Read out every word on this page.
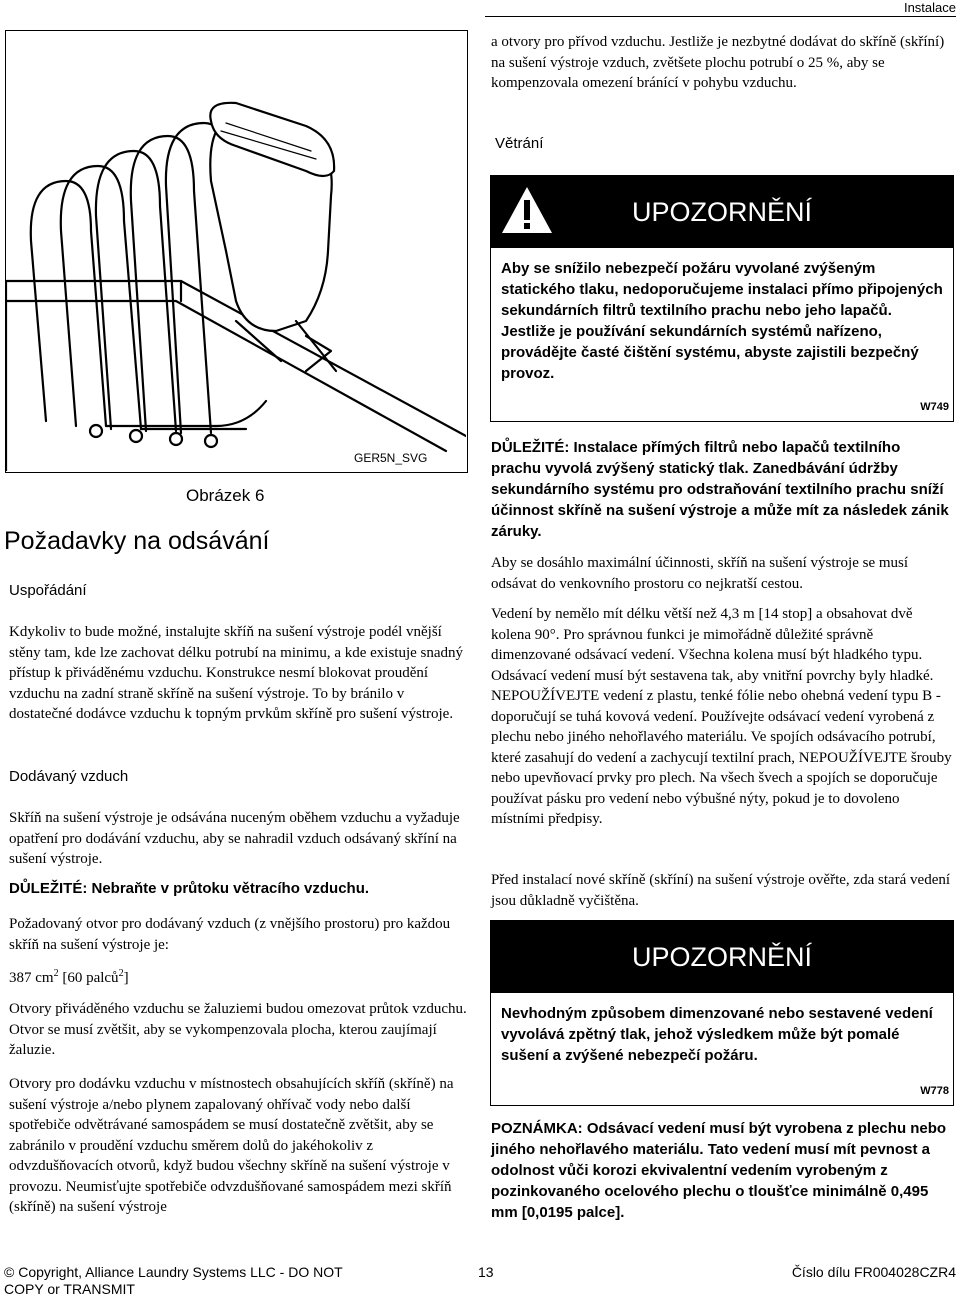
Instalace
GER5N_SVG
Obrázek 6
Požadavky na odsávání
Uspořádání

Kdykoliv to bude možné, instalujte skříň na sušení výstroje podél vnější stěny tam, kde lze zachovat délku potrubí na minimu, a kde existuje snadný přístup k přiváděnému vzduchu. Konstrukce nesmí blokovat proudění vzduchu na zadní straně skříně na sušení výstroje. To by bránilo v dostatečné dodávce vzduchu k topným prvkům skříně pro sušení výstroje.

Dodávaný vzduch

Skříň na sušení výstroje je odsávána nuceným oběhem vzduchu a vyžaduje opatření pro dodávání vzduchu, aby se nahradil vzduch odsávaný skříní na sušení výstroje.

DŮLEŽITÉ: Nebraňte v průtoku větracího vzduchu.

Požadovaný otvor pro dodávaný vzduch (z vnějšího prostoru) pro každou skříň na sušení výstroje je:

387 $cm^2$ [60 palců$^2$]

Otvory přiváděného vzduchu se žaluziemi budou omezovat průtok vzduchu. Otvor se musí zvětšit, aby se vykompenzovala plocha, kterou zaujímají žaluzie.

Otvory pro dodávku vzduchu v místnostech obsahujících skříň (skříně) na sušení výstroje a/nebo plynem zapalovaný ohřívač vody nebo další spotřebiče odvětrávané samospádem se musí dostatečně zvětšit, aby se zabránilo v proudění vzduchu směrem dolů do jakéhokoliv z odvzdušňovacích otvorů, když budou všechny skříně na sušení výstroje v provozu. Neumisťujte spotřebiče odvzdušňované samospádem mezi skříň (skříně) na sušení výstroje

a otvory pro přívod vzduchu. Jestliže je nezbytné dodávat do skříně (skříní) na sušení výstroje vzduch, zvětšete plochu potrubí o 25 %, aby se kompenzovala omezení bránící v pohybu vzduchu.

Větrání
UPOZORNĚNÍ

Aby se snížilo nebezpečí požáru vyvolané zvýšeným statického tlaku, nedoporučujeme instalaci přímo připojených sekundárních filtrů textilního prachu nebo jeho lapačů. Jestliže je používání sekundárních systémů nařízeno, provádějte časté čištění systému, abyste zajistili bezpečný provoz.

W749

DŮLEŽITÉ: Instalace přímých filtrů nebo lapačů textilního prachu vyvolá zvýšený statický tlak. Zanedbávání údržby sekundárního systému pro odstraňování textilního prachu sníží účinnost skříně na sušení výstroje a může mít za následek zánik záruky.

Aby se dosáhlo maximální účinnosti, skříň na sušení výstroje se musí odsávat do venkovního prostoru co nejkratší cestou.

Vedení by nemělo mít délku větší než 4,3 m [14 stop] a obsahovat dvě kolena 90°. Pro správnou funkci je mimořádně důležité správně dimenzované odsávací vedení. Všechna kolena musí být hladkého typu. Odsávací vedení musí být sestavena tak, aby vnitřní povrchy byly hladké. NEPOUŽÍVEJTE vedení z plastu, tenké fólie nebo ohebná vedení typu B - doporučují se tuhá kovová vedení. Používejte odsávací vedení vyrobená z plechu nebo jiného nehořlavého materiálu. Ve spojích odsávacího potrubí, které zasahují do vedení a zachycují textilní prach, NEPOUŽÍVEJTE šrouby nebo upevňovací prvky pro plech. Na všech švech a spojích se doporučuje používat pásku pro vedení nebo výbušné nýty, pokud je to dovoleno místními předpisy.

Před instalací nové skříně (skříní) na sušení výstroje ověřte, zda stará vedení jsou důkladně vyčištěna.

UPOZORNĚNÍ

Nevhodným způsobem dimenzované nebo sestavené vedení vyvolává zpětný tlak, jehož výsledkem může být pomalé sušení a zvýšené nebezpečí požáru.

W778

POZNÁMKA: Odsávací vedení musí být vyrobena z plechu nebo jiného nehořlavého materiálu. Tato vedení musí mít pevnost a odolnost vůči korozi ekvivalentní vedením vyrobeným z pozinkovaného ocelového plechu o tloušťce minimálně 0,495 mm [0,0195 palce].

© Copyright, Alliance Laundry Systems LLC - DO NOT COPY or TRANSMIT
13	Číslo dílu FR004028CZR4
